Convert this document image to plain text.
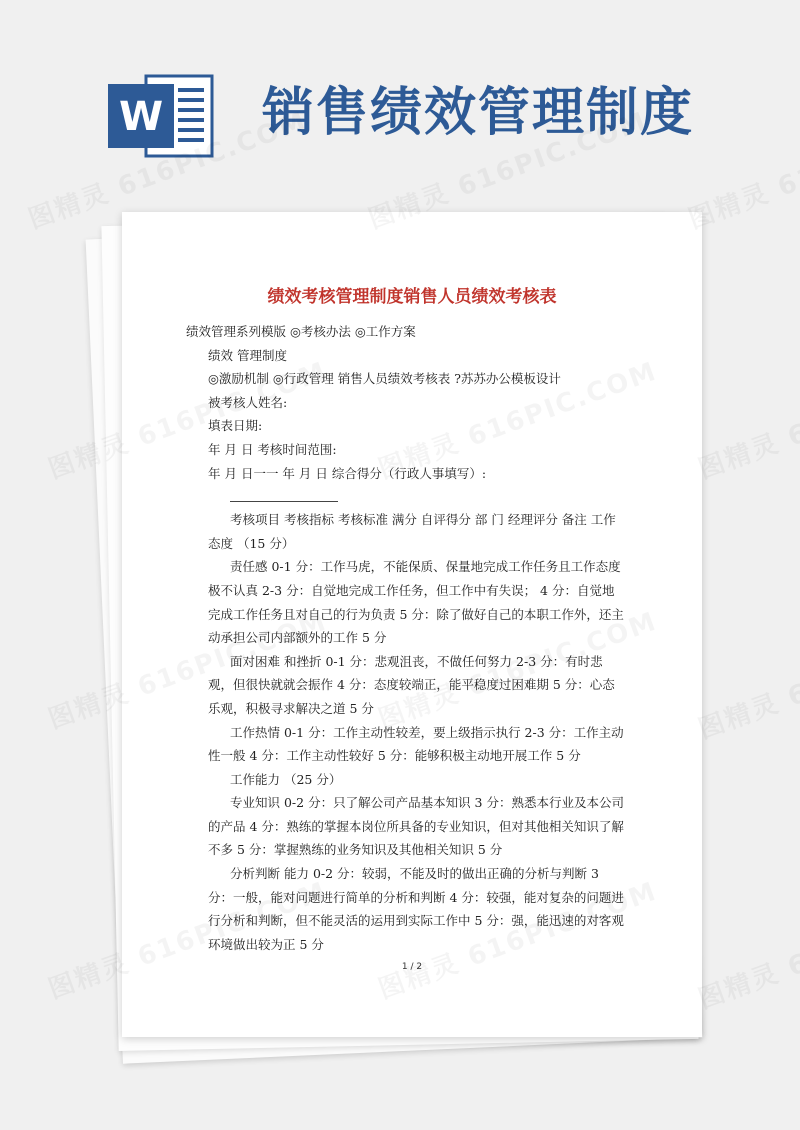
W 销售绩效管理制度
绩效考核管理制度销售人员绩效考核表

绩效管理系列模版 ◎考核办法 ◎工作方案

绩效 管理制度

◎激励机制 ◎行政管理 销售人员绩效考核表 ?苏苏办公模板设计

被考核人姓名:

填表日期:

年 月 日 考核时间范围:

年 月 日一一 年 月 日 综合得分（行政人事填写）:

考核项目 考核指标 考核标准 满分 自评得分 部 门 经理评分 备注 工作态度 （15 分）

责任感 0-1 分：工作马虎，不能保质、保量地完成工作任务且工作态度极不认真 2-3 分：自觉地完成工作任务，但工作中有失误； 4 分：自觉地完成工作任务且对自己的行为负责 5 分：除了做好自己的本职工作外，还主动承担公司内部额外的工作 5 分

面对困难 和挫折 0-1 分：悲观沮丧，不做任何努力 2-3 分：有时悲观，但很快就就会振作 4 分：态度较端正，能平稳度过困难期 5 分：心态乐观，积极寻求解决之道 5 分

工作热情 0-1 分：工作主动性较差，要上级指示执行 2-3 分：工作主动性一般 4 分：工作主动性较好 5 分：能够积极主动地开展工作 5 分

工作能力 （25 分）

专业知识 0-2 分：只了解公司产品基本知识 3 分：熟悉本行业及本公司的产品 4 分：熟练的掌握本岗位所具备的专业知识，但对其他相关知识了解不多 5 分：掌握熟练的业务知识及其他相关知识 5 分

分析判断 能力 0-2 分：较弱，不能及时的做出正确的分析与判断 3 分：一般，能对问题进行简单的分析和判断 4 分：较强，能对复杂的问题进行分析和判断，但不能灵活的运用到实际工作中 5 分：强，能迅速的对客观环境做出较为正 5 分

1 / 2
